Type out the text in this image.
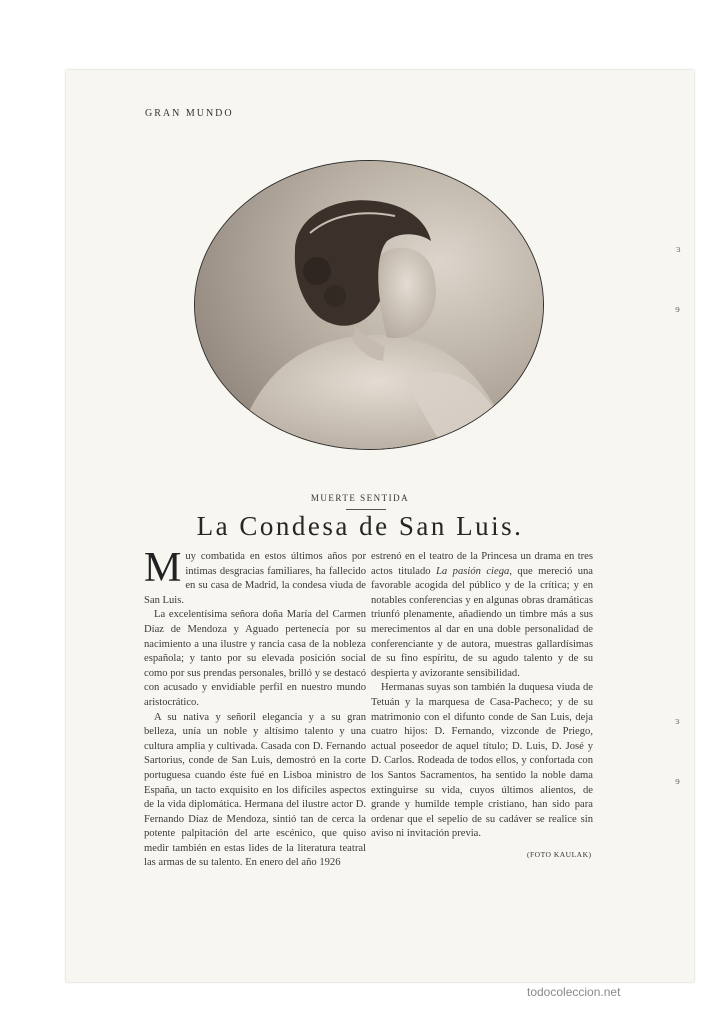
GRAN MUNDO
MUERTE SENTIDA
La Condesa de San Luis.

Muy combatida en estos últimos años por intimas desgracias familiares, ha fallecido en su casa de Madrid, la condesa viuda de San Luis.

La excelentísima señora doña María del Carmen Díaz de Mendoza y Aguado pertenecía por su nacimiento a una ilustre y rancia casa de la nobleza española; y tanto por su elevada posición social como por sus prendas personales, brilló y se destacó con acusado y envidiable perfil en nuestro mundo aristocrático.

A su nativa y señoril elegancia y a su gran belleza, unía un noble y altísimo talento y una cultura amplia y cultivada. Casada con D. Fernando Sartorius, conde de San Luis, demostró en la corte portuguesa cuando éste fué en Lisboa ministro de España, un tacto exquisito en los difíciles aspectos de la vida diplomática. Hermana del ilustre actor D. Fernando Díaz de Mendoza, sintió tan de cerca la potente palpitación del arte escénico, que quiso medir también en estas lides de la literatura teatral las armas de su talento. En enero del año 1926

estrenó en el teatro de la Princesa un drama en tres actos titulado La pasión ciega, que mereció una favorable acogida del público y de la crítica; y en notables conferencias y en algunas obras dramáticas triunfó plenamente, añadiendo un timbre más a sus merecimentos al dar en una doble personalidad de conferenciante y de autora, muestras gallardísimas de su fino espíritu, de su agudo talento y de su despierta y avizorante sensibilidad.

Hermanas suyas son también la duquesa viuda de Tetuán y la marquesa de Casa-Pacheco; y de su matrimonio con el difunto conde de San Luis, deja cuatro hijos: D. Fernando, vizconde de Priego, actual poseedor de aquel título; D. Luis, D. José y D. Carlos. Rodeada de todos ellos, y confortada con los Santos Sacramentos, ha sentido la noble dama extinguirse su vida, cuyos últimos alientos, de grande y humilde temple cristiano, han sido para ordenar que el sepelio de su cadáver se realice sin aviso ni invitación previa.

(FOTO KAULAK)
ɜ
ɘ
ɜ
ɘ
todocoleccion.net
